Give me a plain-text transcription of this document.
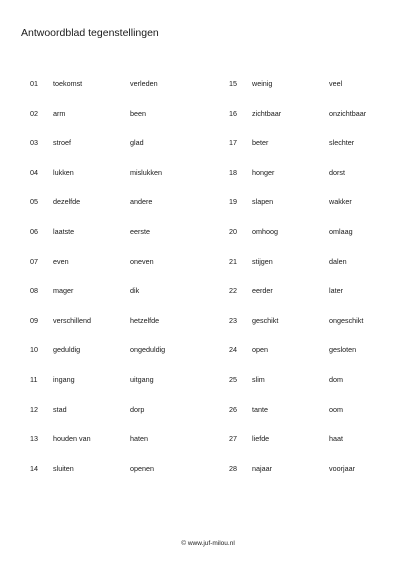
Antwoordblad tegenstellingen
01 toekomst	verleden	15 weinig	veel
02 arm	been	16 zichtbaar	onzichtbaar
03 stroef	glad	17 beter	slechter
04 lukken	mislukken	18 honger	dorst
05 dezelfde	andere	19 slapen	wakker
06 laatste	eerste	20 omhoog	omlaag
07 even	oneven	21 stijgen	dalen
08 mager	dik	22 eerder	later
09 verschillend	hetzelfde	23 geschikt	ongeschikt
10 geduldig	ongeduldig	24 open	gesloten
11 ingang	uitgang	25 slim	dom
12 stad	dorp	26 tante	oom
13 houden van	haten	27 liefde	haat
14 sluiten	openen	28 najaar	voorjaar
© www.juf-milou.nl
